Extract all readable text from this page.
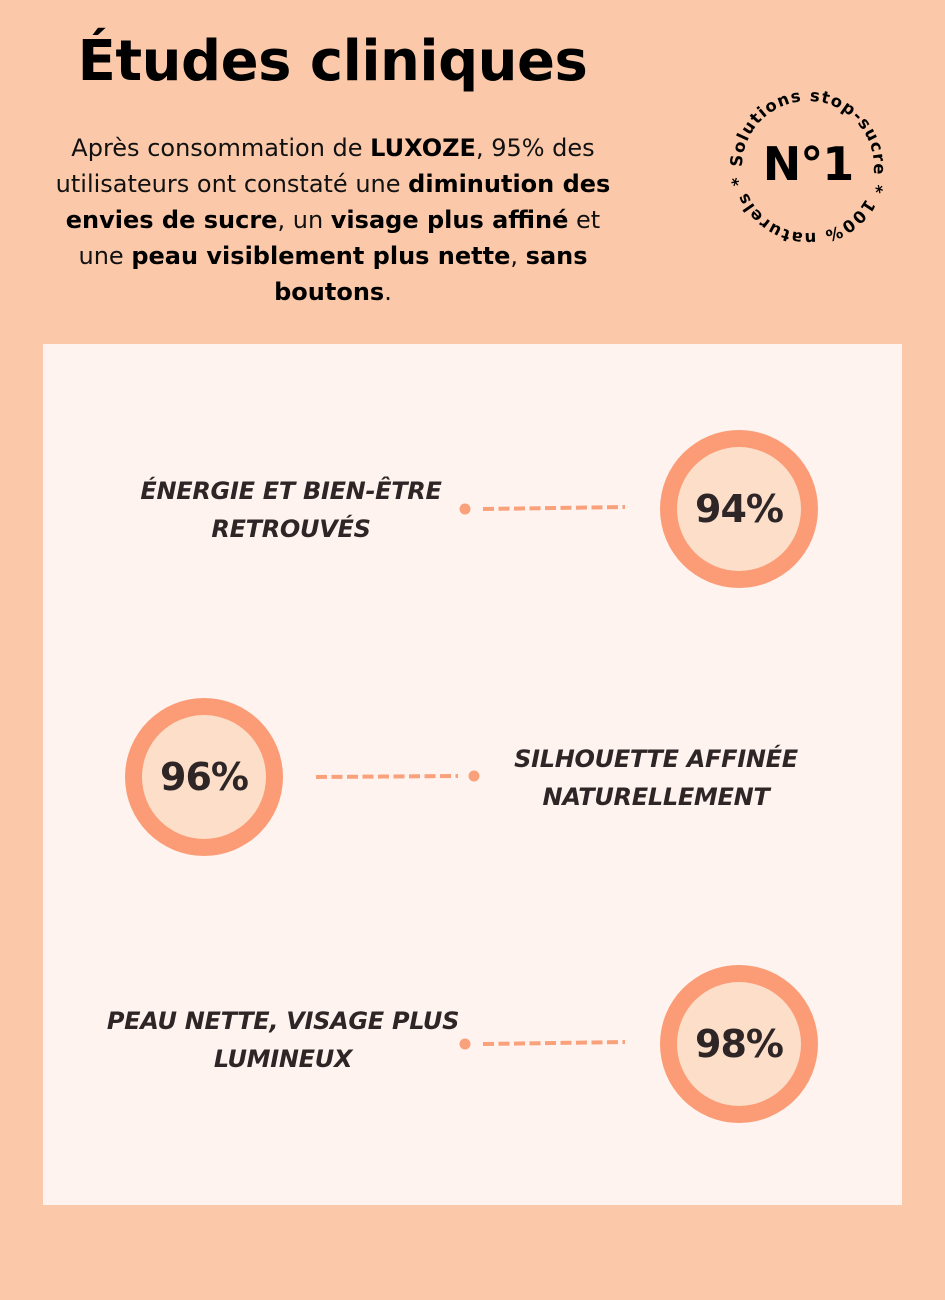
Études cliniques

Après consommation de LUXOZE, 95% des utilisateurs ont constaté une diminution des envies de sucre, un visage plus affiné et une peau visiblement plus nette, sans boutons.

Solutions stop-sucre * 100% naturels * N°1
ÉNERGIE ET BIEN-ÊTRE
RETROUVÉS	94%
96%	SILHOUETTE AFFINÉE
NATURELLEMENT
PEAU NETTE, VISAGE PLUS
LUMINEUX	98%
